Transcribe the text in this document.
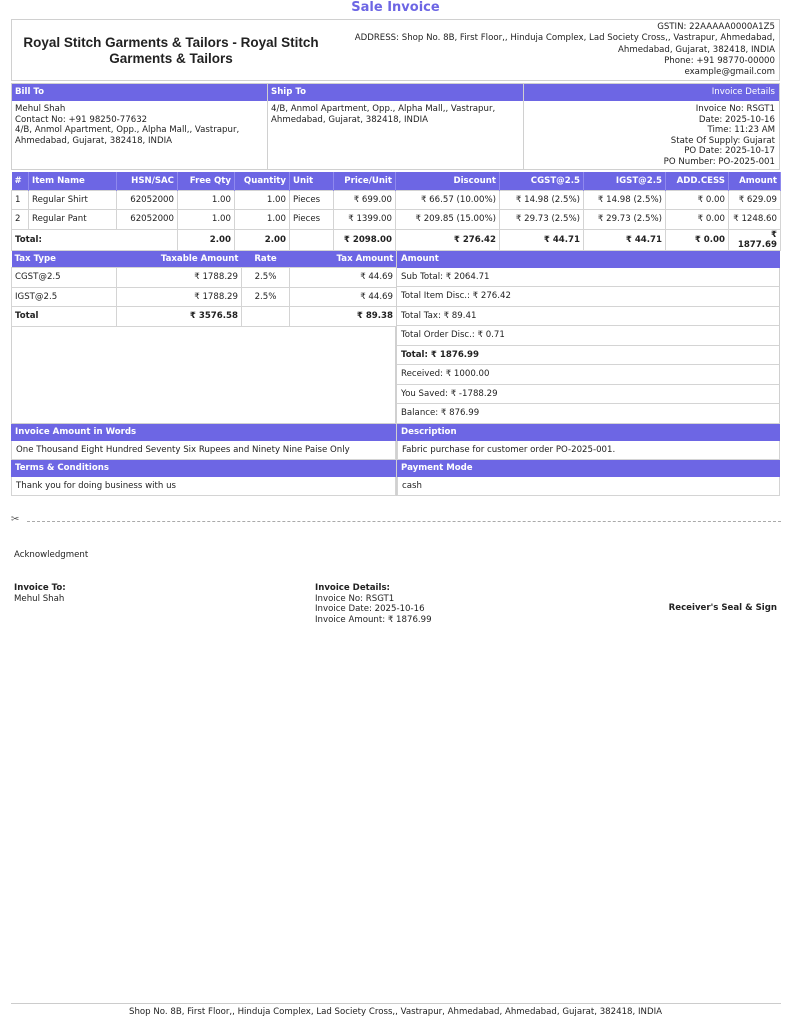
Sale Invoice
Royal Stitch Garments & Tailors - Royal Stitch Garments & Tailors
GSTIN: 22AAAAA0000A1Z5
ADDRESS: Shop No. 8B, First Floor,, Hinduja Complex, Lad Society Cross,, Vastrapur, Ahmedabad,
Ahmedabad, Gujarat, 382418, INDIA
Phone: +91 98770-00000
example@gmail.com
Bill To
Mehul Shah
Contact No: +91 98250-77632
4/B, Anmol Apartment, Opp., Alpha Mall,, Vastrapur,
Ahmedabad, Gujarat, 382418, INDIA
Ship To
4/B, Anmol Apartment, Opp., Alpha Mall,, Vastrapur,
Ahmedabad, Gujarat, 382418, INDIA
Invoice Details
Invoice No: RSGT1
Date: 2025-10-16
Time: 11:23 AM
State Of Supply: Gujarat
PO Date: 2025-10-17
PO Number: PO-2025-001
#	Item Name	HSN/SAC	Free Qty	Quantity	Unit	Price/Unit	Discount	CGST@2.5	IGST@2.5	ADD.CESS	Amount
1	Regular Shirt	62052000	1.00	1.00	Pieces	₹ 699.00	₹ 66.57 (10.00%)	₹ 14.98 (2.5%)	₹ 14.98 (2.5%)	₹ 0.00	₹ 629.09
2	Regular Pant	62052000	1.00	1.00	Pieces	₹ 1399.00	₹ 209.85 (15.00%)	₹ 29.73 (2.5%)	₹ 29.73 (2.5%)	₹ 0.00	₹ 1248.60
Total:			2.00	2.00		₹ 2098.00	₹ 276.42	₹ 44.71	₹ 44.71	₹ 0.00	₹ 1877.69
Tax Type	Taxable Amount	Rate	Tax Amount
CGST@2.5	₹ 1788.29	2.5%	₹ 44.69
IGST@2.5	₹ 1788.29	2.5%	₹ 44.69
Total	₹ 3576.58		₹ 89.38
Amount
Sub Total: ₹ 2064.71
Total Item Disc.: ₹ 276.42
Total Tax: ₹ 89.41
Total Order Disc.: ₹ 0.71
Total: ₹ 1876.99
Received: ₹ 1000.00
You Saved: ₹ -1788.29
Balance: ₹ 876.99
Invoice Amount in Words
One Thousand Eight Hundred Seventy Six Rupees and Ninety Nine Paise Only
Description
Fabric purchase for customer order PO-2025-001.
Terms & Conditions
Thank you for doing business with us
Payment Mode
cash
✂
Acknowledgment
Invoice To:
Mehul Shah
Invoice Details:
Invoice No: RSGT1
Invoice Date: 2025-10-16
Invoice Amount: ₹ 1876.99
Receiver's Seal & Sign
Shop No. 8B, First Floor,, Hinduja Complex, Lad Society Cross,, Vastrapur, Ahmedabad, Ahmedabad, Gujarat, 382418, INDIA
